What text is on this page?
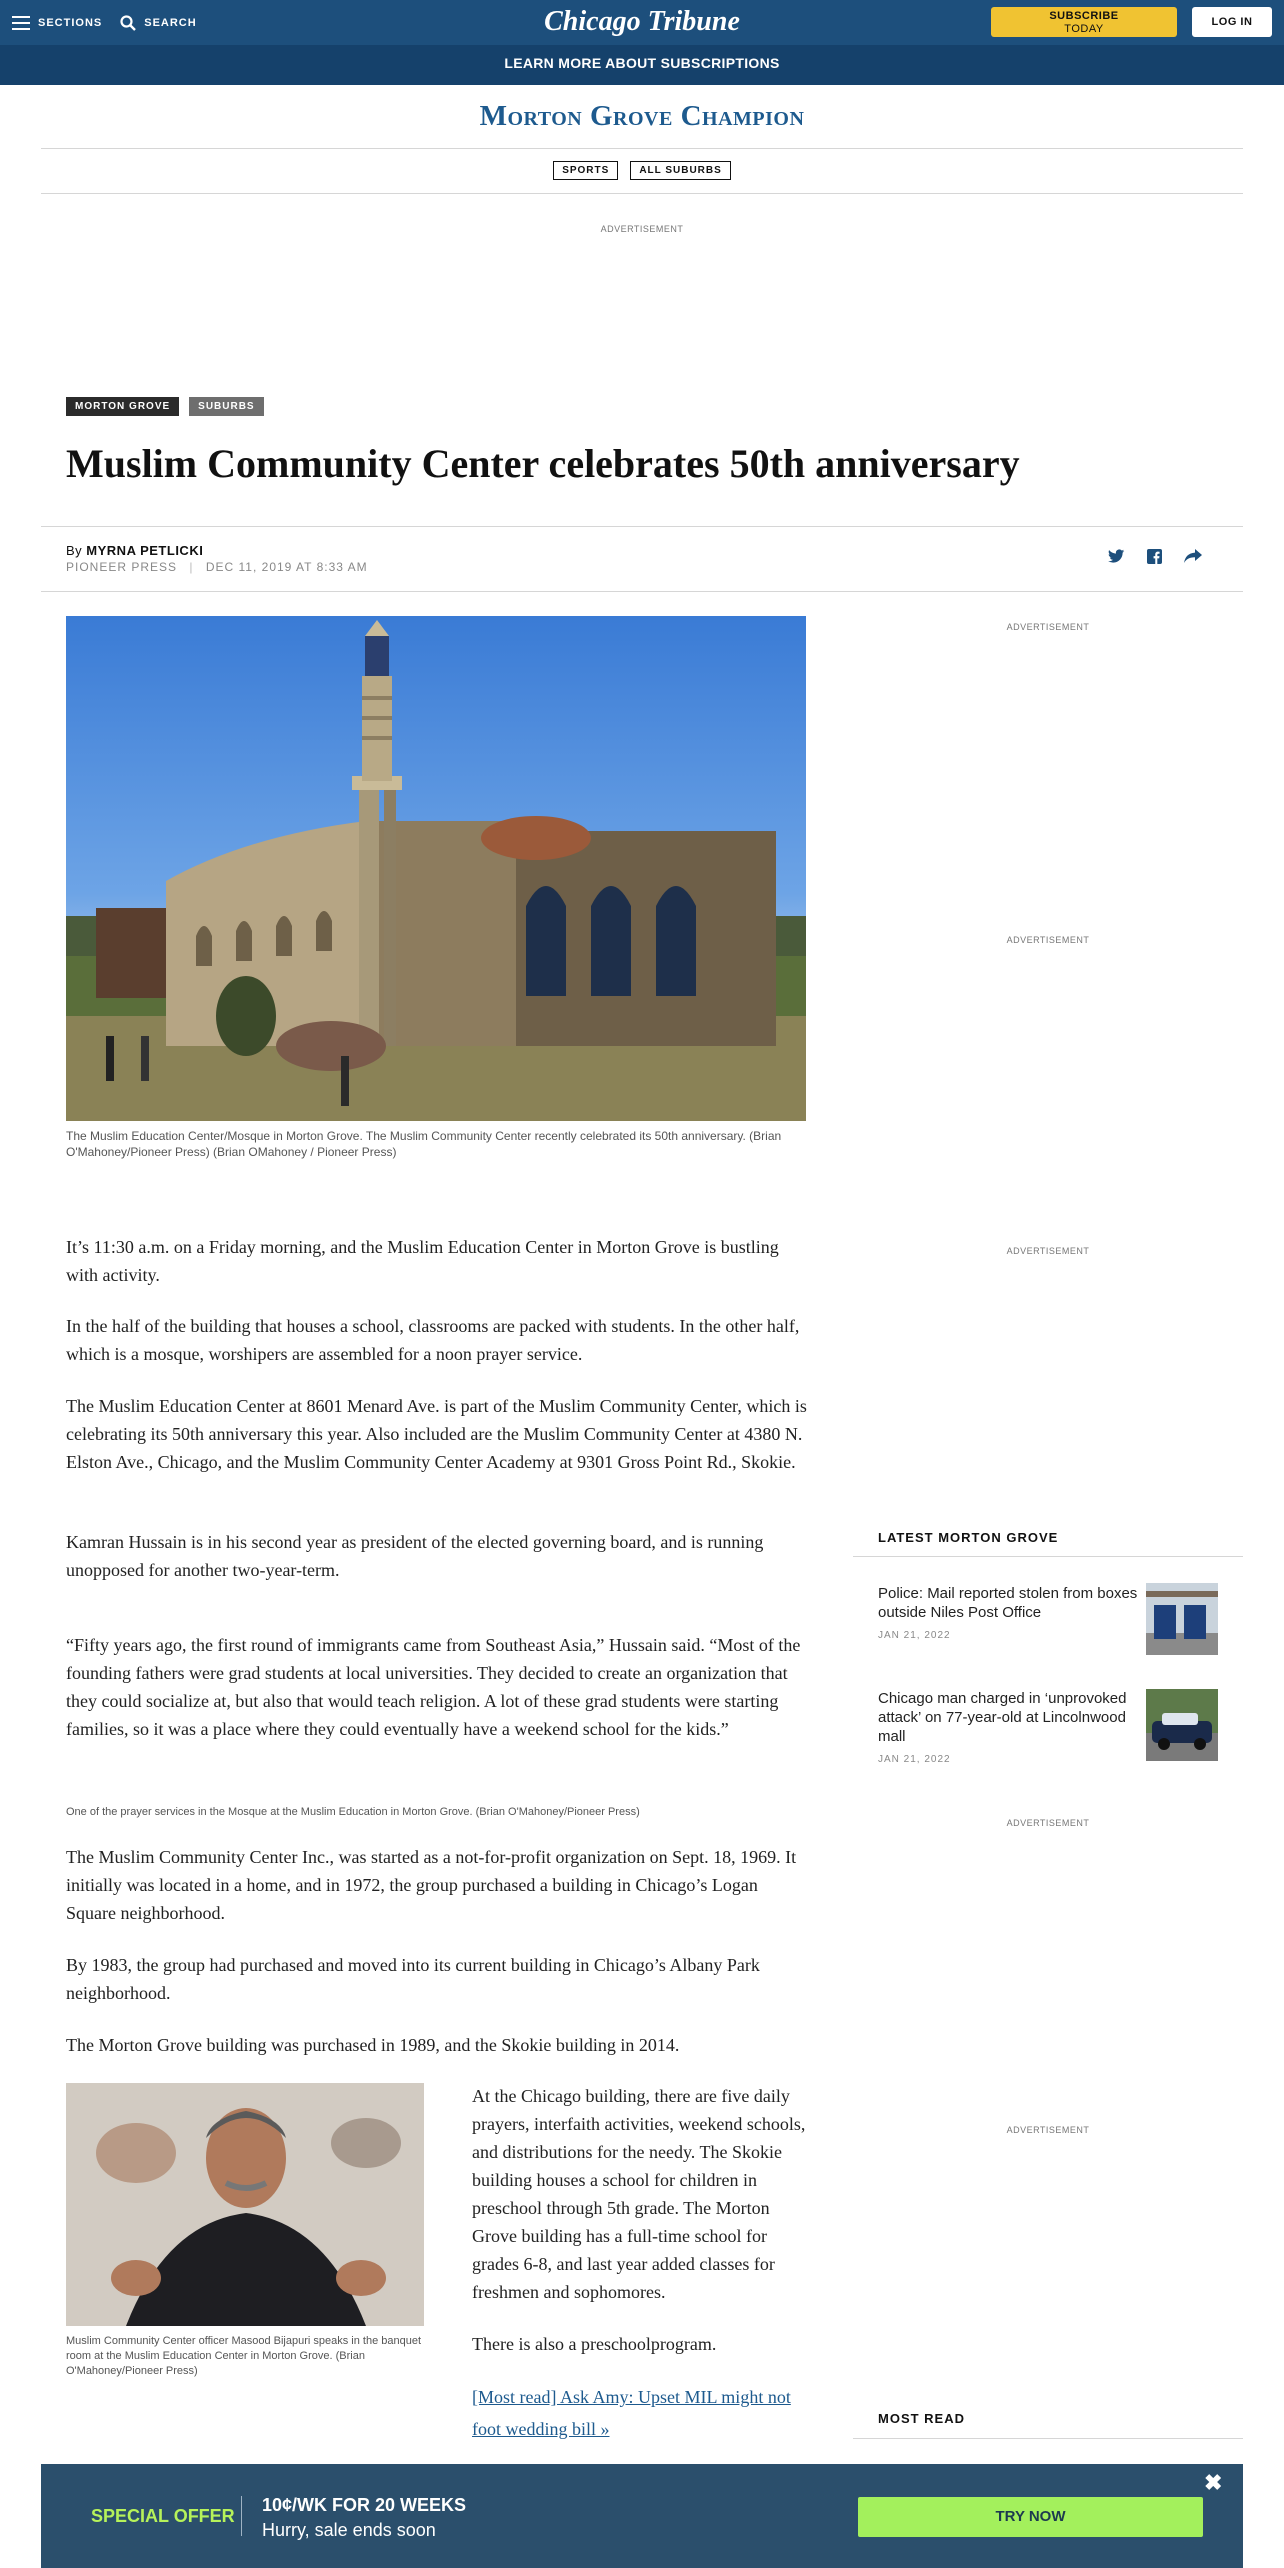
SECTIONS	SEARCH	Chicago Tribune	SUBSCRIBE
TODAY
LOG IN
LEARN MORE ABOUT SUBSCRIPTIONS
Morton Grove Champion
SPORTS	ALL SUBURBS
ADVERTISEMENT
MORTON GROVE	SUBURBS
Muslim Community Center celebrates 50th anniversary
By MYRNA PETLICKI
PIONEER PRESS | DEC 11, 2019 AT 8:33 AM
The Muslim Education Center/Mosque in Morton Grove. The Muslim Community Center recently celebrated its 50th anniversary. (Brian O'Mahoney/Pioneer Press) (Brian OMahoney / Pioneer Press)

It’s 11:30 a.m. on a Friday morning, and the Muslim Education Center in Morton Grove is bustling with activity.

In the half of the building that houses a school, classrooms are packed with students. In the other half, which is a mosque, worshipers are assembled for a noon prayer service.

The Muslim Education Center at 8601 Menard Ave. is part of the Muslim Community Center, which is celebrating its 50th anniversary this year. Also included are the Muslim Community Center at 4380 N. Elston Ave., Chicago, and the Muslim Community Center Academy at 9301 Gross Point Rd., Skokie.

Kamran Hussain is in his second year as president of the elected governing board, and is running unopposed for another two-year-term.

“Fifty years ago, the first round of immigrants came from Southeast Asia,” Hussain said. “Most of the founding fathers were grad students at local universities. They decided to create an organization that they could socialize at, but also that would teach religion. A lot of these grad students were starting families, so it was a place where they could eventually have a weekend school for the kids.”

One of the prayer services in the Mosque at the Muslim Education in Morton Grove. (Brian O'Mahoney/Pioneer Press)

The Muslim Community Center Inc., was started as a not-for-profit organization on Sept. 18, 1969. It initially was located in a home, and in 1972, the group purchased a building in Chicago’s Logan Square neighborhood.

By 1983, the group had purchased and moved into its current building in Chicago’s Albany Park neighborhood.

The Morton Grove building was purchased in 1989, and the Skokie building in 2014.

Muslim Community Center officer Masood Bijapuri speaks in the banquet room at the Muslim Education Center in Morton Grove. (Brian O'Mahoney/Pioneer Press)

At the Chicago building, there are five daily prayers, interfaith activities, weekend schools, and distributions for the needy. The Skokie building houses a school for children in preschool through 5th grade. The Morton Grove building has a full-time school for grades 6-8, and last year added classes for freshmen and sophomores.

There is also a preschoolprogram.

[Most read] Ask Amy: Upset MIL might not foot wedding bill »
ADVERTISEMENT
ADVERTISEMENT
ADVERTISEMENT
LATEST MORTON GROVE
Police: Mail reported stolen from boxes outside Niles Post Office
JAN 21, 2022
Chicago man charged in ‘unprovoked attack’ on 77-year-old at Lincolnwood mall
JAN 21, 2022
ADVERTISEMENT
ADVERTISEMENT
MOST READ
SPECIAL OFFER
10¢/WK FOR 20 WEEKS
Hurry, sale ends soon
TRY NOW
✖
